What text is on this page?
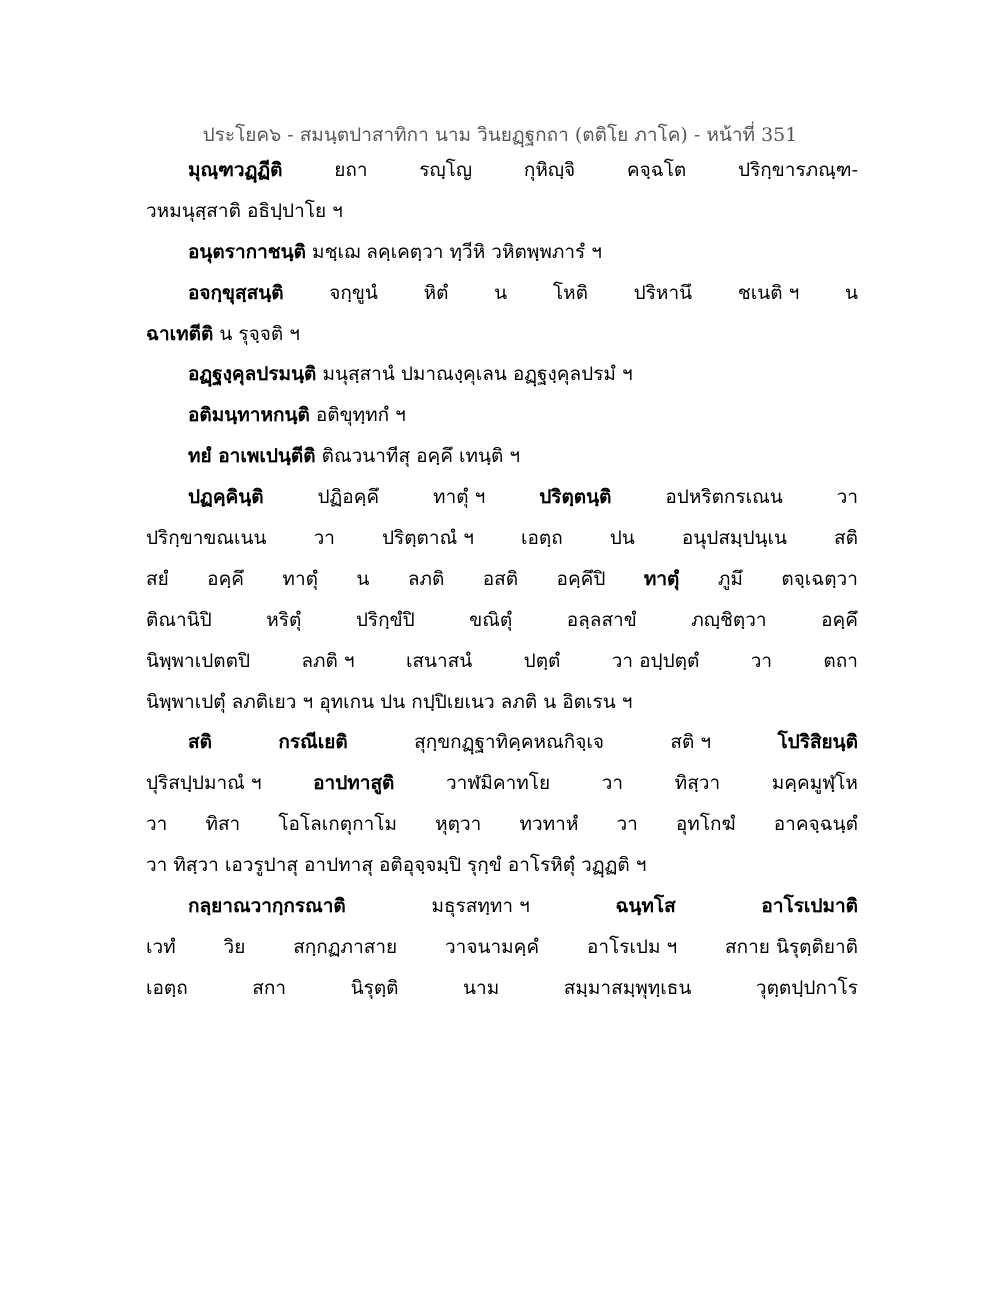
ประโยค๖ - สมนฺตปาสาทิกา นาม วินยฏฺฐกถา (ตติโย ภาโค) - หน้าที่ 351
มุณฺฑวฏฺฏีติ	ยถา	รญฺโญ	กุหิญฺจิ	คจฺฉโต	ปริกฺขารภณฺฑ-
วหมนุสฺสาติ อธิปฺปาโย ฯ
อนุตรากาชนฺติ มชฺเฌ ลคฺเคตฺวา ทฺวีหิ วหิตพฺพภารํ ฯ
อจกฺขุสฺสนฺติ จกฺขูนํ หิตํ น โหติ ปริหานึ ชเนติ ฯ น
ฉาเทตีติ น รุจฺจติ ฯ
อฏฺฐงฺคุลปรมนฺติ มนุสฺสานํ ปมาณงฺคุเลน อฏฺฐงฺคุลปรมํ ฯ
อติมนฺทาหกนฺติ อติขุทฺทกํ ฯ
ทยํ อาเพเปนฺตีติ ติณวนาทีสุ อคฺคึ เทนฺติ ฯ
ปฏคฺคินฺติ	ปฏิอคฺคึ	ทาตุํ ฯ	ปริตฺตนฺติ	อปหริตกรเณน	วา
ปริกฺขาขณเนน วา ปริตฺตาณํ ฯ เอตฺถ ปน อนุปสมฺปนฺเน สติ
สยํ อคฺคึ ทาตุํ น ลภติ อสติ อคฺคึปิ ทาตุํ ภูมึ ตจฺเฉตฺวา
ติณานิปิ	หริตุํ	ปริกฺขํปิ	ขณิตุํ	อลฺลสาขํ	ภญฺชิตฺวา	อคฺคึ
นิพฺพาเปตตปิ	ลภติ ฯ	เสนาสนํ	ปตฺตํ	วา อปฺปตฺตํ	วา	ตถา
นิพฺพาเปตุํ ลภติเยว ฯ อุทเกน ปน กปฺปิเยเนว ลภติ น อิตเรน ฯ
สติ	กรณีเยติ	สุกฺขกฏฺฐาทิคฺคหณกิจฺเจ	สติ ฯ	โปริสิยนฺติ
ปุริสปฺปมาณํ ฯ	อาปทาสูติ	วาฬมิคาทโย	วา	ทิสฺวา	มคฺคมูฬฺโห
วา ทิสา โอโลเกตุกาโม หุตฺวา ทวทาหํ วา อุทโกฆํ อาคจฺฉนฺตํ
วา ทิสฺวา เอวรูปาสุ อาปทาสุ อติอุจฺจมฺปิ รุกฺขํ อาโรหิตุํ วฏฺฏติ ฯ
กลฺยาณวากฺกรณาติ	มธุรสทฺทา ฯ	ฉนฺทโส	อาโรเปมาติ
เวทํ	วิย	สกฺกฏภาสาย	วาจนามคฺคํ	อาโรเปม ฯ	สกาย นิรุตฺติยาติ
เอตฺถ	สกา	นิรุตฺติ	นาม	สมฺมาสมฺพุทฺเธน	วุตฺตปฺปกาโร
